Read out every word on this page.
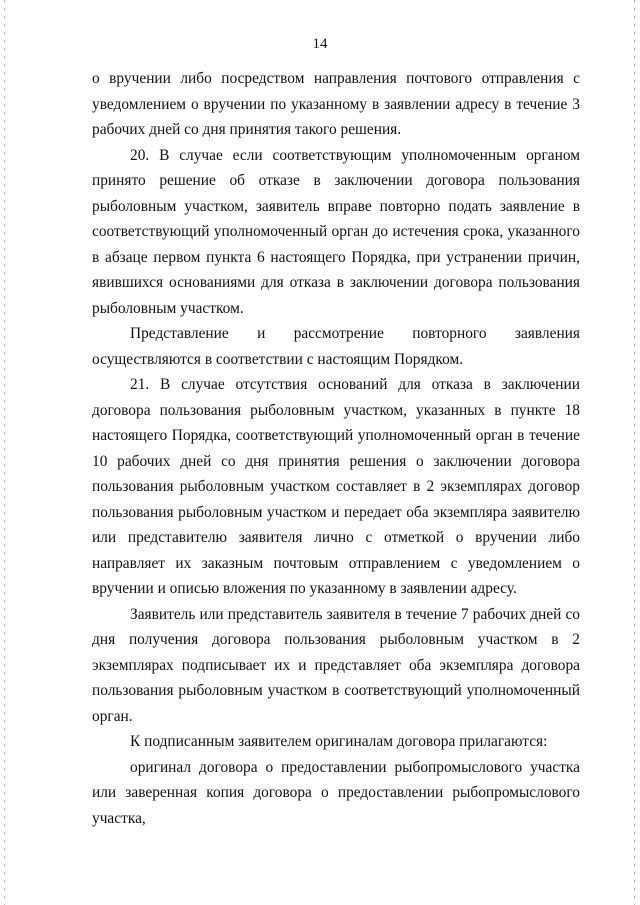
14

о вручении либо посредством направления почтового отправления с уведомлением о вручении по указанному в заявлении адресу в течение 3 рабочих дней со дня принятия такого решения.

20. В случае если соответствующим уполномоченным органом принято решение об отказе в заключении договора пользования рыболовным участком, заявитель вправе повторно подать заявление в соответствующий уполномоченный орган до истечения срока, указанного в абзаце первом пункта 6 настоящего Порядка, при устранении причин, явившихся основаниями для отказа в заключении договора пользования рыболовным участком.

Представление и рассмотрение повторного заявления осуществляются в соответствии с настоящим Порядком.

21. В случае отсутствия оснований для отказа в заключении договора пользования рыболовным участком, указанных в пункте 18 настоящего Порядка, соответствующий уполномоченный орган в течение 10 рабочих дней со дня принятия решения о заключении договора пользования рыболовным участком составляет в 2 экземплярах договор пользования рыболовным участком и передает оба экземпляра заявителю или представителю заявителя лично с отметкой о вручении либо направляет их заказным почтовым отправлением с уведомлением о вручении и описью вложения по указанному в заявлении адресу.

Заявитель или представитель заявителя в течение 7 рабочих дней со дня получения договора пользования рыболовным участком в 2 экземплярах подписывает их и представляет оба экземпляра договора пользования рыболовным участком в соответствующий уполномоченный орган.

К подписанным заявителем оригиналам договора прилагаются:

оригинал договора о предоставлении рыбопромыслового участка или заверенная копия договора о предоставлении рыбопромыслового участка,
